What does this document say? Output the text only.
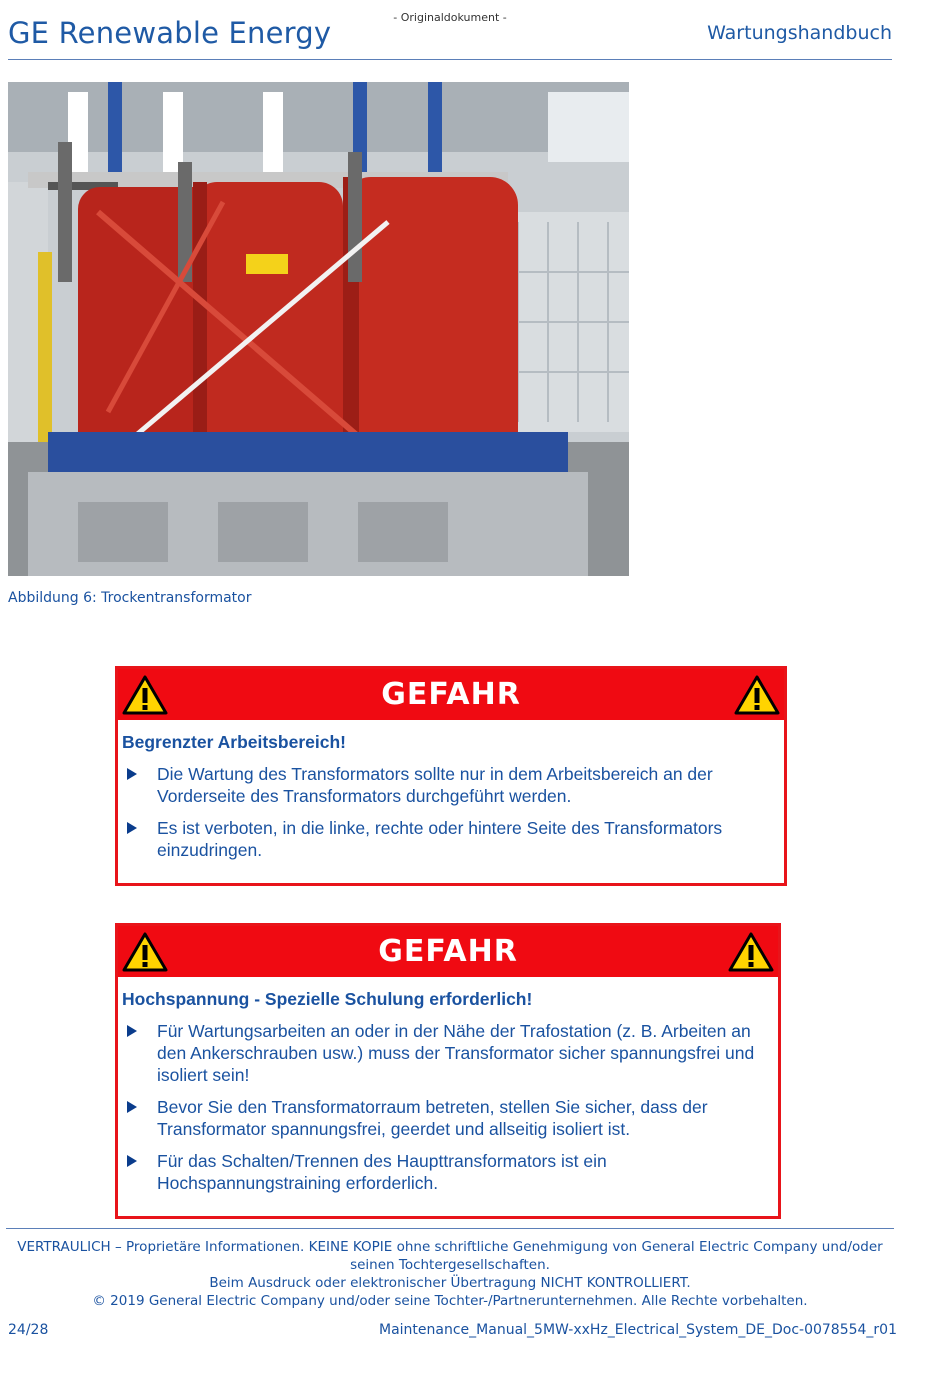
- Originaldokument -
GE Renewable Energy	Wartungshandbuch
Abbildung 6: Trockentransformator
GEFAHR
Begrenzter Arbeitsbereich!
Die Wartung des Transformators sollte nur in dem Arbeitsbereich an der Vorderseite des Transformators durchgeführt werden.
Es ist verboten, in die linke, rechte oder hintere Seite des Transformators einzudringen.
GEFAHR
Hochspannung - Spezielle Schulung erforderlich!
Für Wartungsarbeiten an oder in der Nähe der Trafostation (z. B. Arbeiten an den Ankerschrauben usw.) muss der Transformator sicher spannungsfrei und isoliert sein!
Bevor Sie den Transformatorraum betreten, stellen Sie sicher, dass der Transformator spannungsfrei, geerdet und allseitig isoliert ist.
Für das Schalten/Trennen des Haupttransformators ist ein Hochspannungstraining erforderlich.
VERTRAULICH – Proprietäre Informationen. KEINE KOPIE ohne schriftliche Genehmigung von General Electric Company und/oder
seinen Tochtergesellschaften.
Beim Ausdruck oder elektronischer Übertragung NICHT KONTROLLIERT.
© 2019 General Electric Company und/oder seine Tochter-/Partnerunternehmen. Alle Rechte vorbehalten.
24/28	Maintenance_Manual_5MW-xxHz_Electrical_System_DE_Doc-0078554_r01
